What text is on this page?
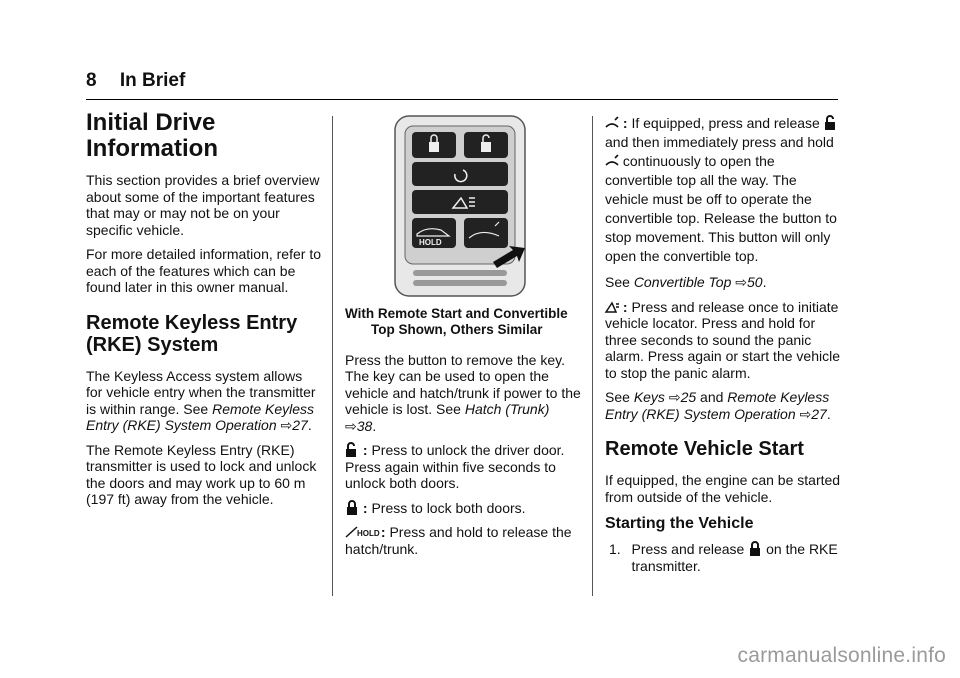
8 In Brief
Initial Drive Information

This section provides a brief overview about some of the important features that may or may not be on your specific vehicle.

For more detailed information, refer to each of the features which can be found later in this owner manual.

Remote Keyless Entry (RKE) System

The Keyless Access system allows for vehicle entry when the transmitter is within range. See Remote Keyless Entry (RKE) System Operation ⇨27.

The Remote Keyless Entry (RKE) transmitter is used to lock and unlock the doors and may work up to 60 m (197 ft) away from the vehicle.

HOLD
With Remote Start and Convertible
Top Shown, Others Similar

Press the button to remove the key. The key can be used to open the vehicle and hatch/trunk if power to the vehicle is lost. See Hatch (Trunk) ⇨38.

: Press to unlock the driver door. Press again within five seconds to unlock both doors.

: Press to lock both doors.

HOLD
: Press and hold to release the hatch/trunk.

: If equipped, press and release  and then immediately press and hold  continuously to open the convertible top all the way. The vehicle must be off to operate the convertible top. Release the button to stop movement. This button will only open the convertible top.

See Convertible Top ⇨50.

: Press and release once to initiate vehicle locator. Press and hold for three seconds to sound the panic alarm. Press again or start the vehicle to stop the panic alarm.

See Keys ⇨25 and Remote Keyless Entry (RKE) System Operation ⇨27.

Remote Vehicle Start

If equipped, the engine can be started from outside of the vehicle.

Starting the Vehicle
1. Press and release on the RKE transmitter.
carmanualsonline.info
